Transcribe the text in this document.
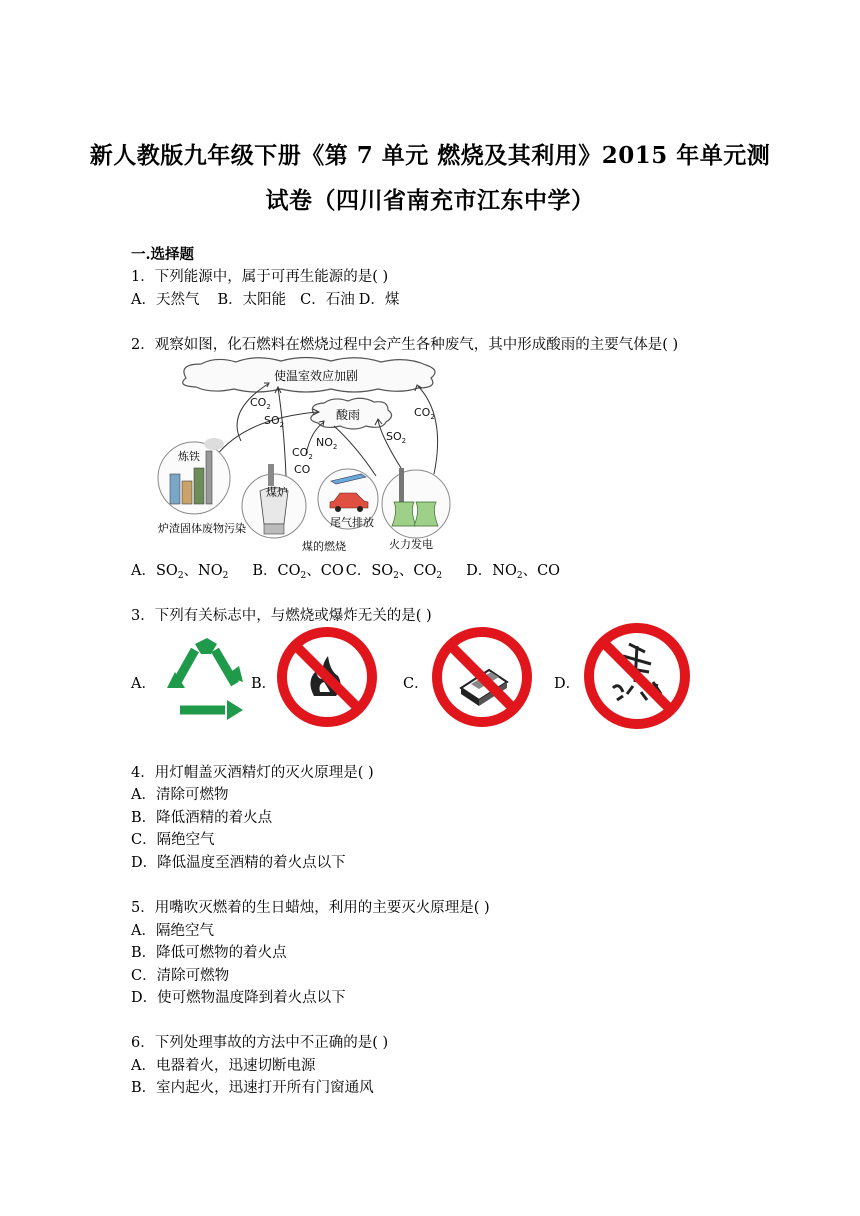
新人教版九年级下册《第 7 单元 燃烧及其利用》2015 年单元测
试卷（四川省南充市江东中学）
一.选择题
1．下列能源中，属于可再生能源的是( )
A．天然气 B．太阳能 C．石油 D．煤
2．观察如图，化石燃料在燃烧过程中会产生各种废气，其中形成酸雨的主要气体是( )
使温室效应加剧
酸雨
$CO_2$
$SO_2$
$NO_2$
$CO_2$
CO
$SO_2$
$CO_2$
炼铁
炉渣固体废物污染
煤炉
煤的燃烧
尾气排放
火力发电
A．SO2、NO2 B．CO2、CO C．SO2、CO2 D．NO2、CO
3．下列有关标志中，与燃烧或爆炸无关的是( )
A．	B．	C．	D．
4．用灯帽盖灭酒精灯的灭火原理是( )
A．清除可燃物
B．降低酒精的着火点
C．隔绝空气
D．降低温度至酒精的着火点以下
5．用嘴吹灭燃着的生日蜡烛，利用的主要灭火原理是( )
A．隔绝空气
B．降低可燃物的着火点
C．清除可燃物
D．使可燃物温度降到着火点以下
6．下列处理事故的方法中不正确的是( )
A．电器着火，迅速切断电源
B．室内起火，迅速打开所有门窗通风
